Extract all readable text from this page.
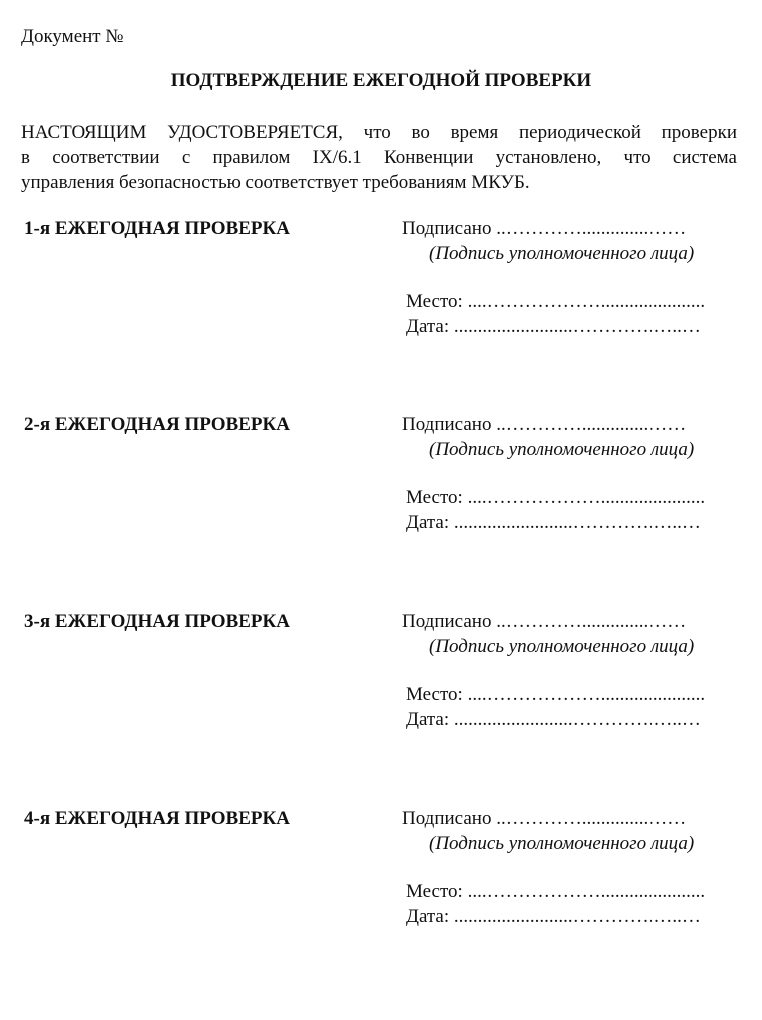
Документ №
ПОДТВЕРЖДЕНИЕ ЕЖЕГОДНОЙ ПРОВЕРКИ
НАСТОЯЩИМ УДОСТОВЕРЯЕТСЯ, что во время периодической проверки
в соответствии с правилом IX/6.1 Конвенции установлено, что система
управления безопасностью соответствует требованиям МКУБ.
1-я ЕЖЕГОДНАЯ ПРОВЕРКА	Подписано ..…………..............……
(Подпись уполномоченного лица)
Место: ....………………......................
Дата: .........................………….…..…
2-я ЕЖЕГОДНАЯ ПРОВЕРКА	Подписано ..…………..............……
(Подпись уполномоченного лица)
Место: ....………………......................
Дата: .........................………….…..…
3-я ЕЖЕГОДНАЯ ПРОВЕРКА	Подписано ..…………..............……
(Подпись уполномоченного лица)
Место: ....………………......................
Дата: .........................………….…..…
4-я ЕЖЕГОДНАЯ ПРОВЕРКА	Подписано ..…………..............……
(Подпись уполномоченного лица)
Место: ....………………......................
Дата: .........................………….…..…
